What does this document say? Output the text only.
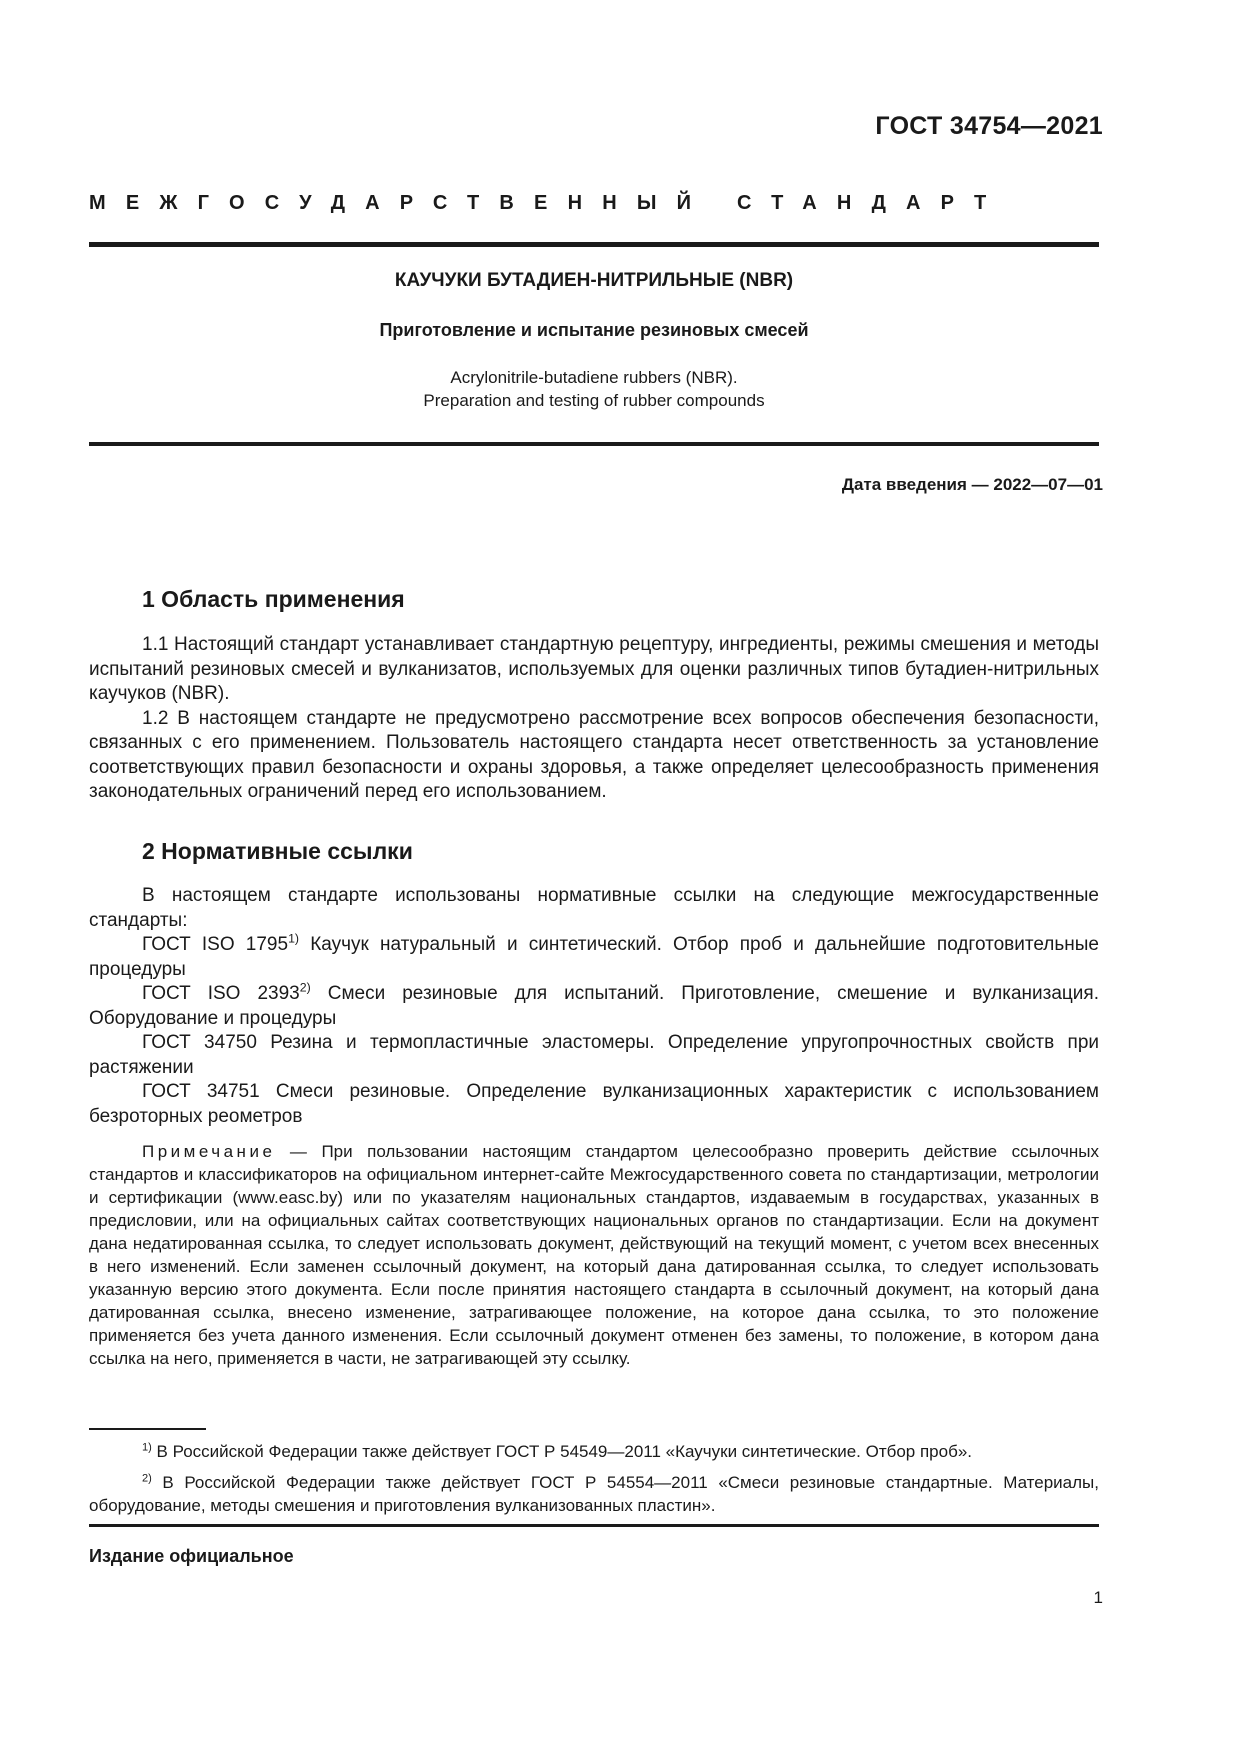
ГОСТ 34754—2021
МЕЖГОСУДАРСТВЕННЫЙ СТАНДАРТ
КАУЧУКИ БУТАДИЕН-НИТРИЛЬНЫЕ (NBR)
Приготовление и испытание резиновых смесей
Acrylonitrile-butadiene rubbers (NBR).
Preparation and testing of rubber compounds
Дата введения — 2022—07—01
1 Область применения

1.1 Настоящий стандарт устанавливает стандартную рецептуру, ингредиенты, режимы смешения и методы испытаний резиновых смесей и вулканизатов, используемых для оценки различных типов бутадиен-нитрильных каучуков (NBR).

1.2 В настоящем стандарте не предусмотрено рассмотрение всех вопросов обеспечения безопасности, связанных с его применением. Пользователь настоящего стандарта несет ответственность за установление соответствующих правил безопасности и охраны здоровья, а также определяет целесообразность применения законодательных ограничений перед его использованием.

2 Нормативные ссылки

В настоящем стандарте использованы нормативные ссылки на следующие межгосударственные стандарты:

ГОСТ ISO 1795$^{1)}$ Каучук натуральный и синтетический. Отбор проб и дальнейшие подготовительные процедуры

ГОСТ ISO 2393$^{2)}$ Смеси резиновые для испытаний. Приготовление, смешение и вулканизация. Оборудование и процедуры

ГОСТ 34750 Резина и термопластичные эластомеры. Определение упругопрочностных свойств при растяжении

ГОСТ 34751 Смеси резиновые. Определение вулканизационных характеристик с использованием безроторных реометров

Примечание — При пользовании настоящим стандартом целесообразно проверить действие ссылочных стандартов и классификаторов на официальном интернет-сайте Межгосударственного совета по стандартизации, метрологии и сертификации (www.easc.by) или по указателям национальных стандартов, издаваемым в государствах, указанных в предисловии, или на официальных сайтах соответствующих национальных органов по стандартизации. Если на документ дана недатированная ссылка, то следует использовать документ, действующий на текущий момент, с учетом всех внесенных в него изменений. Если заменен ссылочный документ, на который дана датированная ссылка, то следует использовать указанную версию этого документа. Если после принятия настоящего стандарта в ссылочный документ, на который дана датированная ссылка, внесено изменение, затрагивающее положение, на которое дана ссылка, то это положение применяется без учета данного изменения. Если ссылочный документ отменен без замены, то положение, в котором дана ссылка на него, применяется в части, не затрагивающей эту ссылку.

$^{1)}$ В Российской Федерации также действует ГОСТ Р 54549—2011 «Каучуки синтетические. Отбор проб».

$^{2)}$ В Российской Федерации также действует ГОСТ Р 54554—2011 «Смеси резиновые стандартные. Материалы, оборудование, методы смешения и приготовления вулканизованных пластин».

Издание официальное
1
